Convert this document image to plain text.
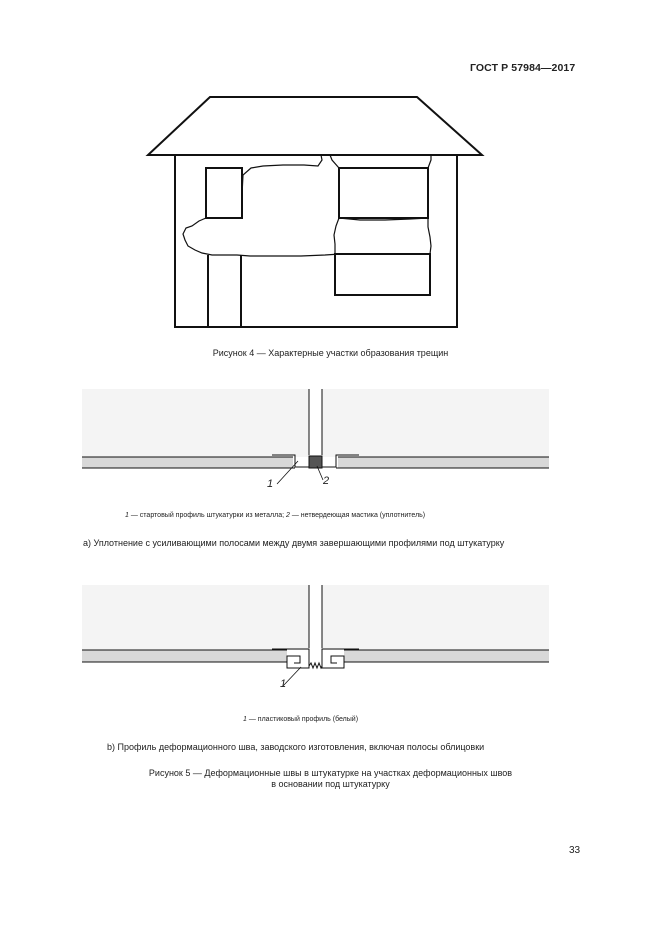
ГОСТ Р 57984—2017
Рисунок 4 — Характерные участки образования трещин
1	2
1 — стартовый профиль штукатурки из металла; 2 — нетвердеющая мастика (уплотнитель)
a) Уплотнение с усиливающими полосами между двумя завершающими профилями под штукатурку
1
1 — пластиковый профиль (белый)
b) Профиль деформационного шва, заводского изготовления, включая полосы облицовки
Рисунок 5 — Деформационные швы в штукатурке на участках деформационных швов
в основании под штукатурку
33
